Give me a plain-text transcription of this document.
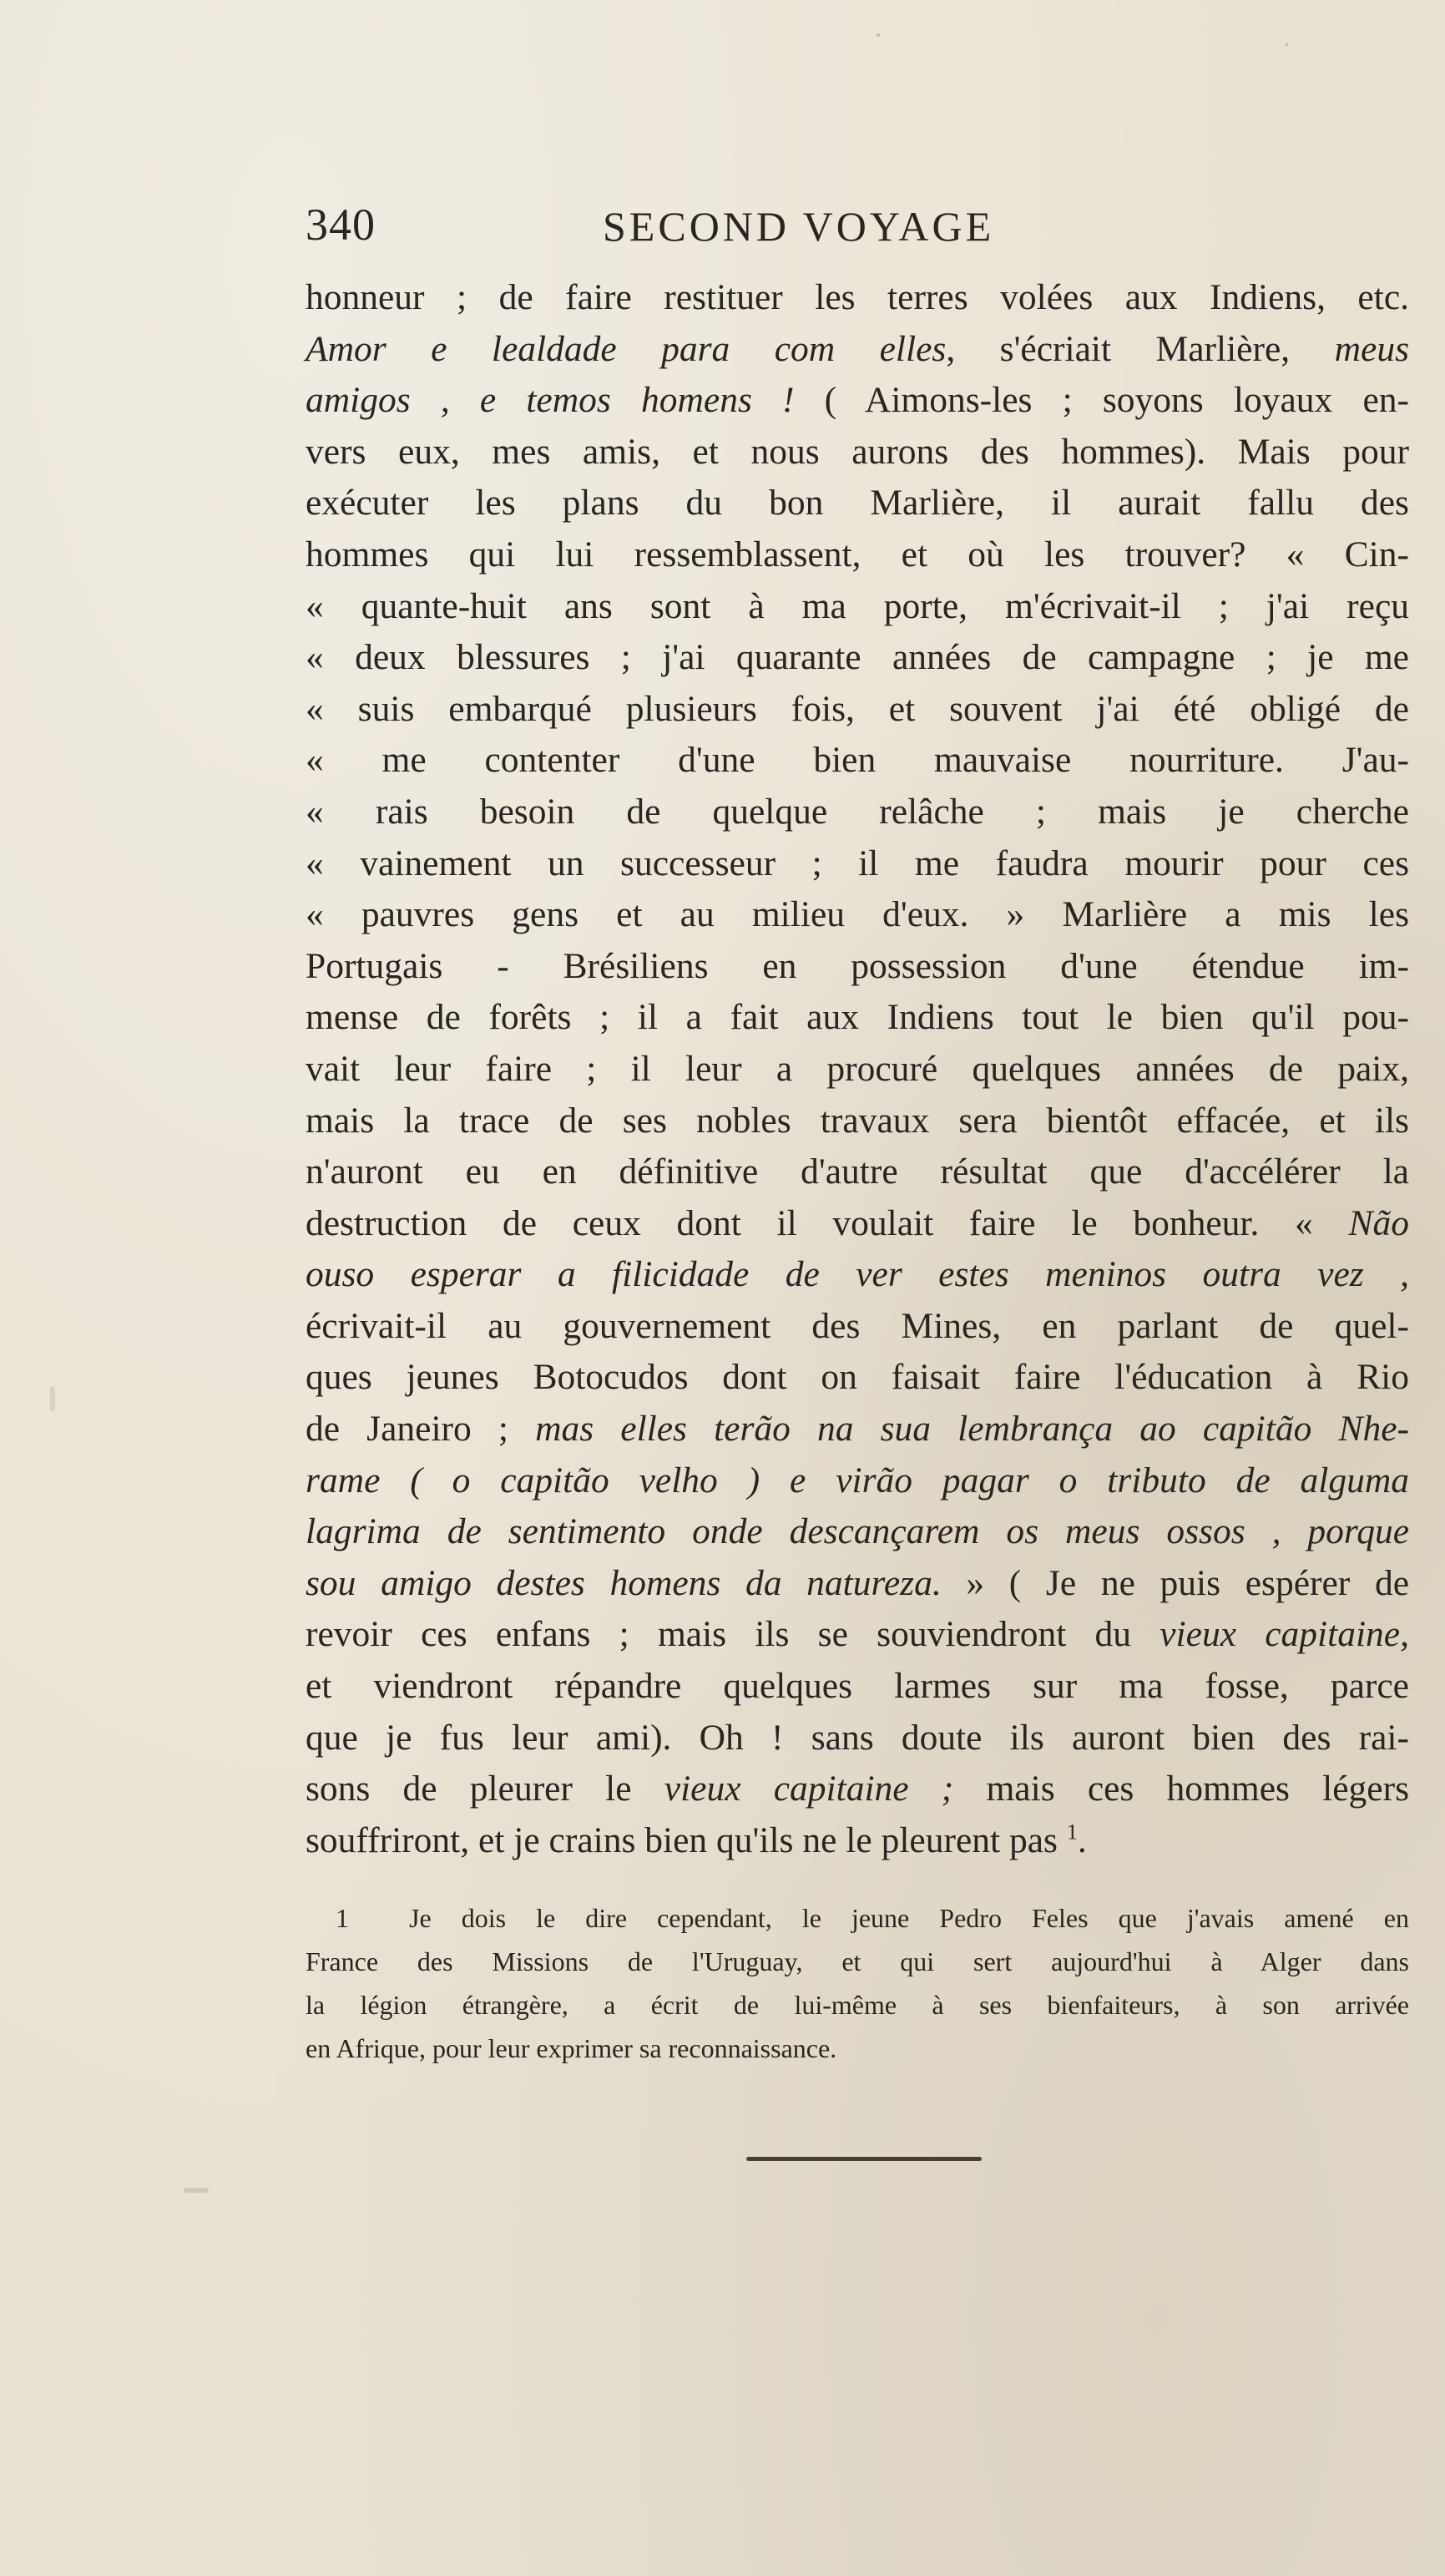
340	SECOND VOYAGE
honneur ; de faire restituer les terres volées aux Indiens, etc.
Amor e lealdade para com elles, s'écriait Marlière, meus
amigos , e temos homens ! ( Aimons-les ; soyons loyaux en-
vers eux, mes amis, et nous aurons des hommes). Mais pour
exécuter les plans du bon Marlière, il aurait fallu des
hommes qui lui ressemblassent, et où les trouver? « Cin-
« quante-huit ans sont à ma porte, m'écrivait-il ; j'ai reçu
« deux blessures ; j'ai quarante années de campagne ; je me
« suis embarqué plusieurs fois, et souvent j'ai été obligé de
« me contenter d'une bien mauvaise nourriture. J'au-
« rais besoin de quelque relâche ; mais je cherche
« vainement un successeur ; il me faudra mourir pour ces
« pauvres gens et au milieu d'eux. » Marlière a mis les
Portugais - Brésiliens en possession d'une étendue im-
mense de forêts ; il a fait aux Indiens tout le bien qu'il pou-
vait leur faire ; il leur a procuré quelques années de paix,
mais la trace de ses nobles travaux sera bientôt effacée, et ils
n'auront eu en définitive d'autre résultat que d'accélérer la
destruction de ceux dont il voulait faire le bonheur. « Não
ouso esperar a filicidade de ver estes meninos outra vez ,
écrivait-il au gouvernement des Mines, en parlant de quel-
ques jeunes Botocudos dont on faisait faire l'éducation à Rio
de Janeiro ; mas elles terão na sua lembrança ao capitão Nhe-
rame ( o capitão velho ) e virão pagar o tributo de alguma
lagrima de sentimento onde descançarem os meus ossos , porque
sou amigo destes homens da natureza. » ( Je ne puis espérer de
revoir ces enfans ; mais ils se souviendront du vieux capitaine,
et viendront répandre quelques larmes sur ma fosse, parce
que je fus leur ami). Oh ! sans doute ils auront bien des rai-
sons de pleurer le vieux capitaine ; mais ces hommes légers
souffriront, et je crains bien qu'ils ne le pleurent pas $^1$.
1 Je dois le dire cependant, le jeune Pedro Feles que j'avais amené en
France des Missions de l'Uruguay, et qui sert aujourd'hui à Alger dans
la légion étrangère, a écrit de lui-même à ses bienfaiteurs, à son arrivée
en Afrique, pour leur exprimer sa reconnaissance.
